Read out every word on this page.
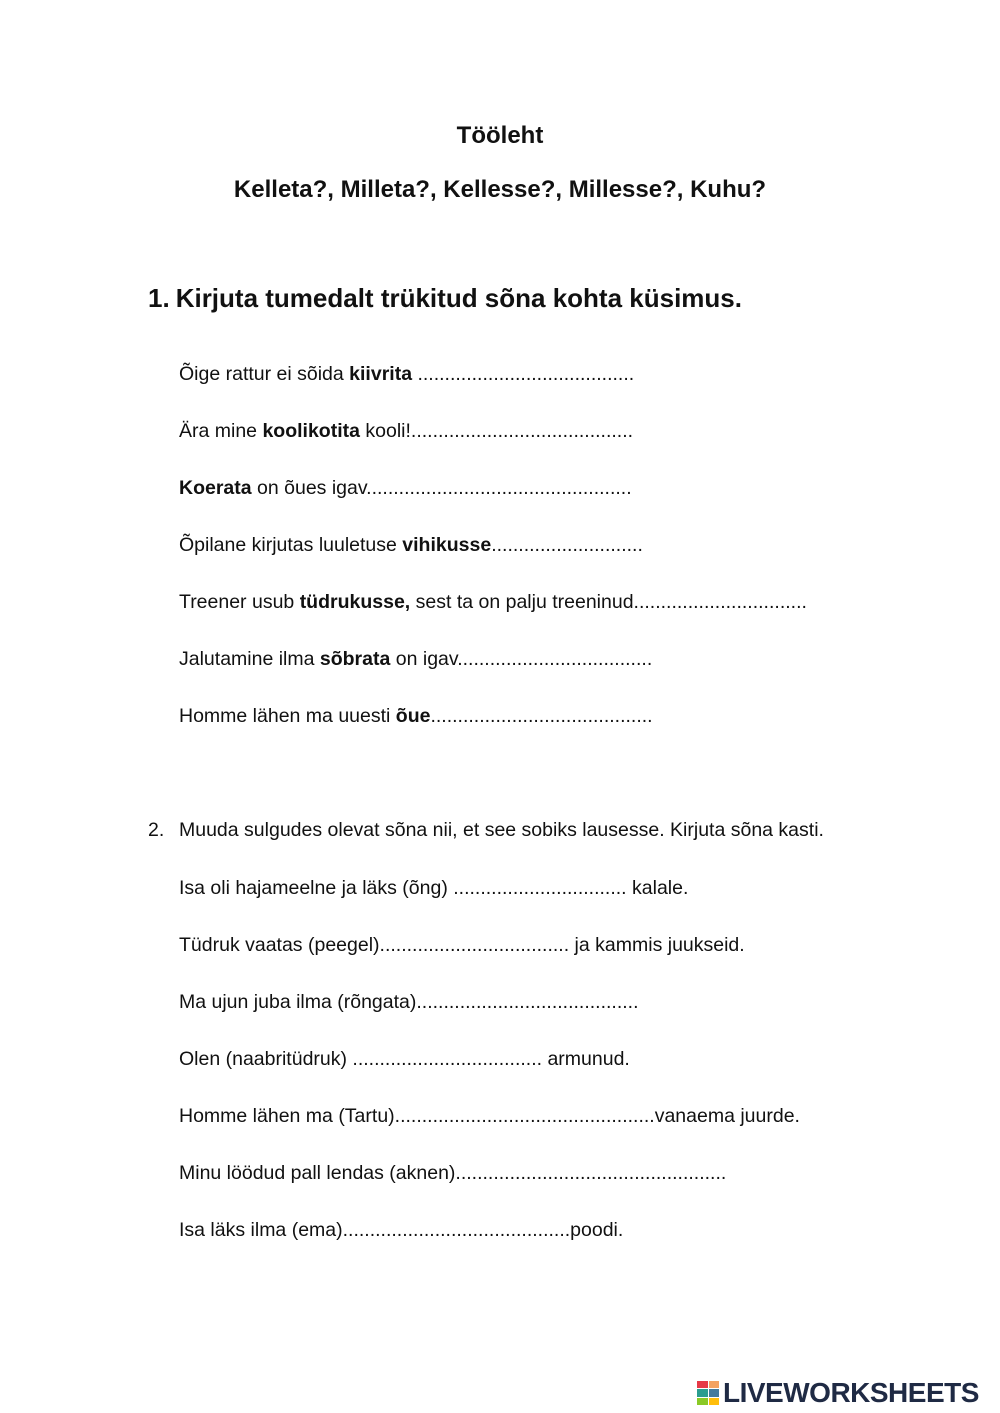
Tööleht
Kelleta?, Milleta?, Kellesse?, Millesse?, Kuhu?
1. Kirjuta tumedalt trükitud sõna kohta küsimus.

Õige rattur ei sõida kiivrita ........................................

Ära mine koolikotita kooli!.........................................

Koerata on õues igav.................................................

Õpilane kirjutas luuletuse vihikusse............................

Treener usub tüdrukusse, sest ta on palju treeninud................................

Jalutamine ilma sõbrata on igav....................................

Homme lähen ma uuesti õue.........................................

2. Muuda sulgudes olevat sõna nii, et see sobiks lausesse. Kirjuta sõna kasti.

Isa oli hajameelne ja läks (õng) ................................ kalale.

Tüdruk vaatas (peegel)................................... ja kammis juukseid.

Ma ujun juba ilma (rõngata).........................................

Olen (naabritüdruk) ................................... armunud.

Homme lähen ma (Tartu)................................................vanaema juurde.

Minu löödud pall lendas (aknen)..................................................

Isa läks ilma (ema)..........................................poodi.

LIVEWORKSHEETS
